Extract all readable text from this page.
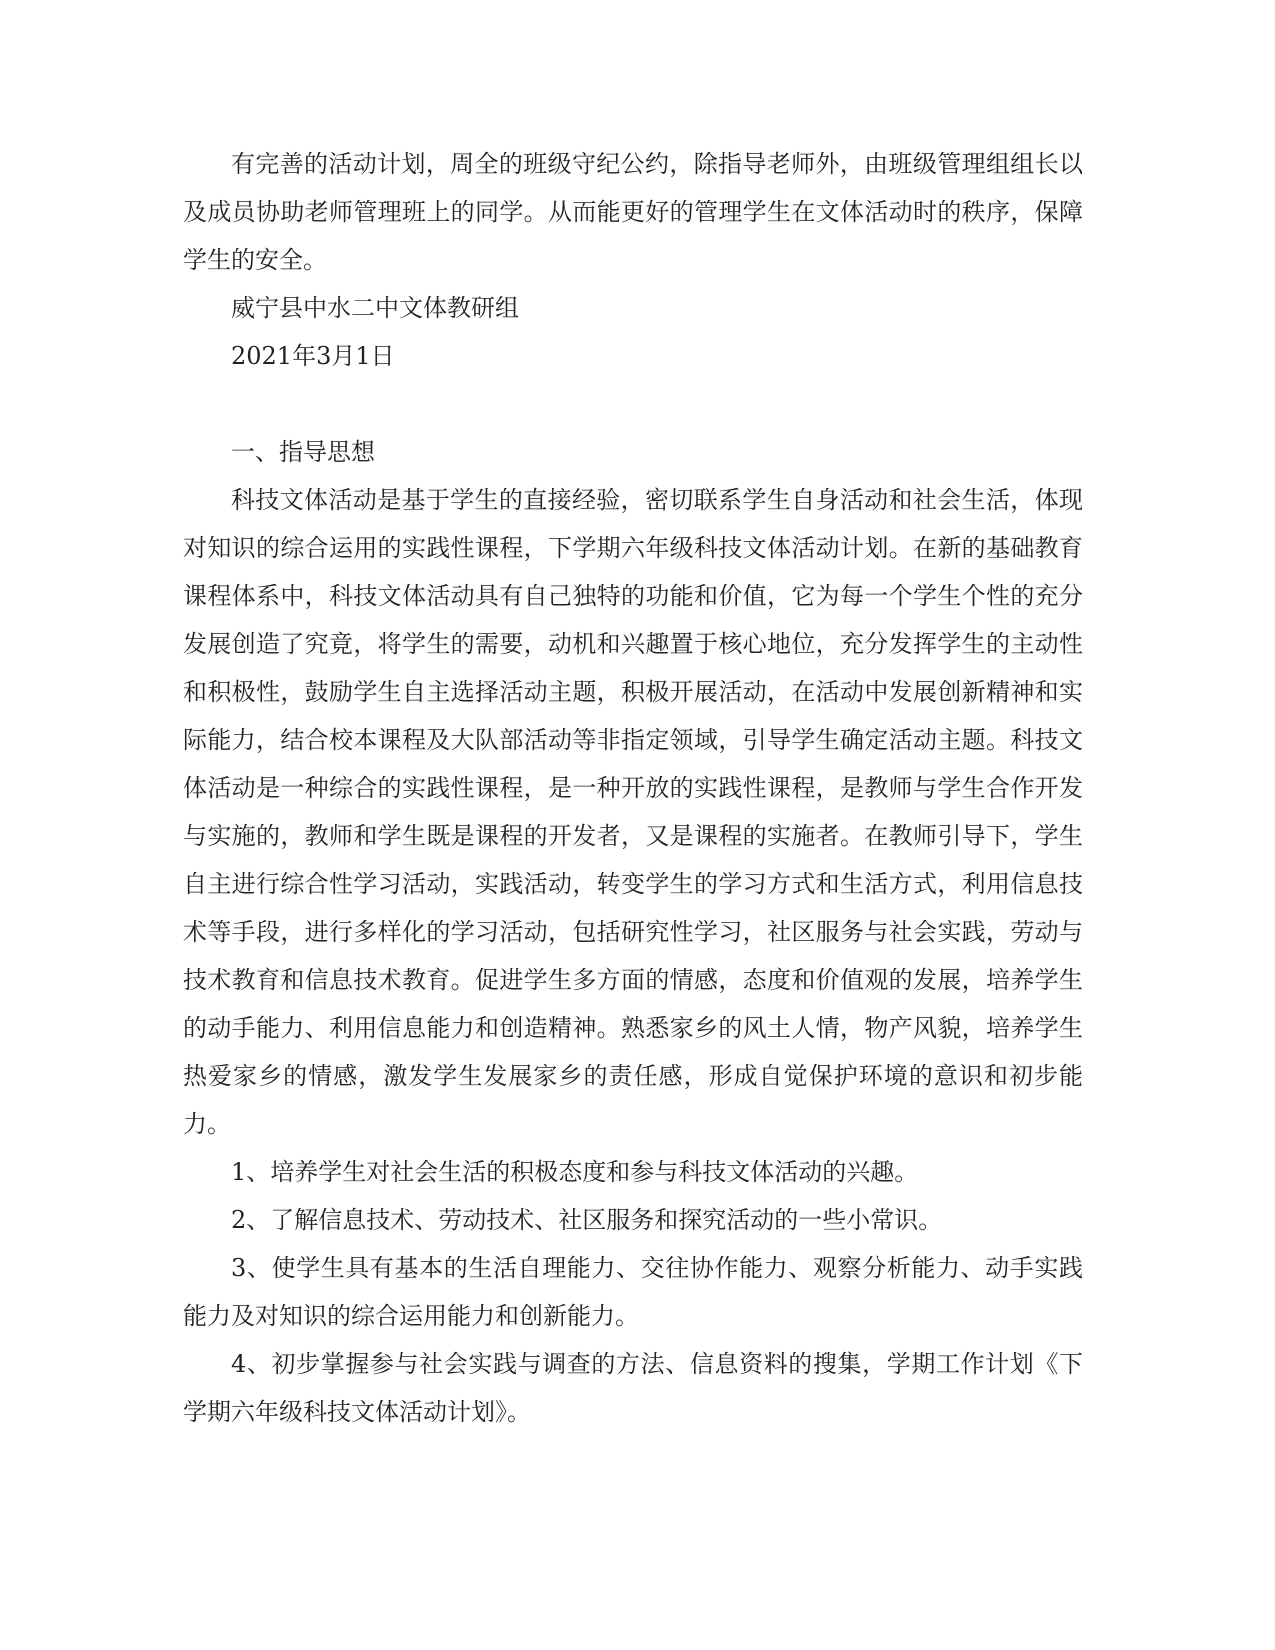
有完善的活动计划，周全的班级守纪公约，除指导老师外，由班级管理组组长以及成员协助老师管理班上的同学。从而能更好的管理学生在文体活动时的秩序，保障学生的安全。

威宁县中水二中文体教研组

2021年3月1日

一、指导思想

科技文体活动是基于学生的直接经验，密切联系学生自身活动和社会生活，体现对知识的综合运用的实践性课程，下学期六年级科技文体活动计划。在新的基础教育课程体系中，科技文体活动具有自己独特的功能和价值，它为每一个学生个性的充分发展创造了究竟，将学生的需要，动机和兴趣置于核心地位，充分发挥学生的主动性和积极性，鼓励学生自主选择活动主题，积极开展活动，在活动中发展创新精神和实际能力，结合校本课程及大队部活动等非指定领域，引导学生确定活动主题。科技文体活动是一种综合的实践性课程，是一种开放的实践性课程，是教师与学生合作开发与实施的，教师和学生既是课程的开发者，又是课程的实施者。在教师引导下，学生自主进行综合性学习活动，实践活动，转变学生的学习方式和生活方式，利用信息技术等手段，进行多样化的学习活动，包括研究性学习，社区服务与社会实践，劳动与技术教育和信息技术教育。促进学生多方面的情感，态度和价值观的发展，培养学生的动手能力、利用信息能力和创造精神。熟悉家乡的风土人情，物产风貌，培养学生热爱家乡的情感，激发学生发展家乡的责任感，形成自觉保护环境的意识和初步能力。

1、培养学生对社会生活的积极态度和参与科技文体活动的兴趣。

2、了解信息技术、劳动技术、社区服务和探究活动的一些小常识。

3、使学生具有基本的生活自理能力、交往协作能力、观察分析能力、动手实践能力及对知识的综合运用能力和创新能力。

4、初步掌握参与社会实践与调查的方法、信息资料的搜集，学期工作计划《下学期六年级科技文体活动计划》。
